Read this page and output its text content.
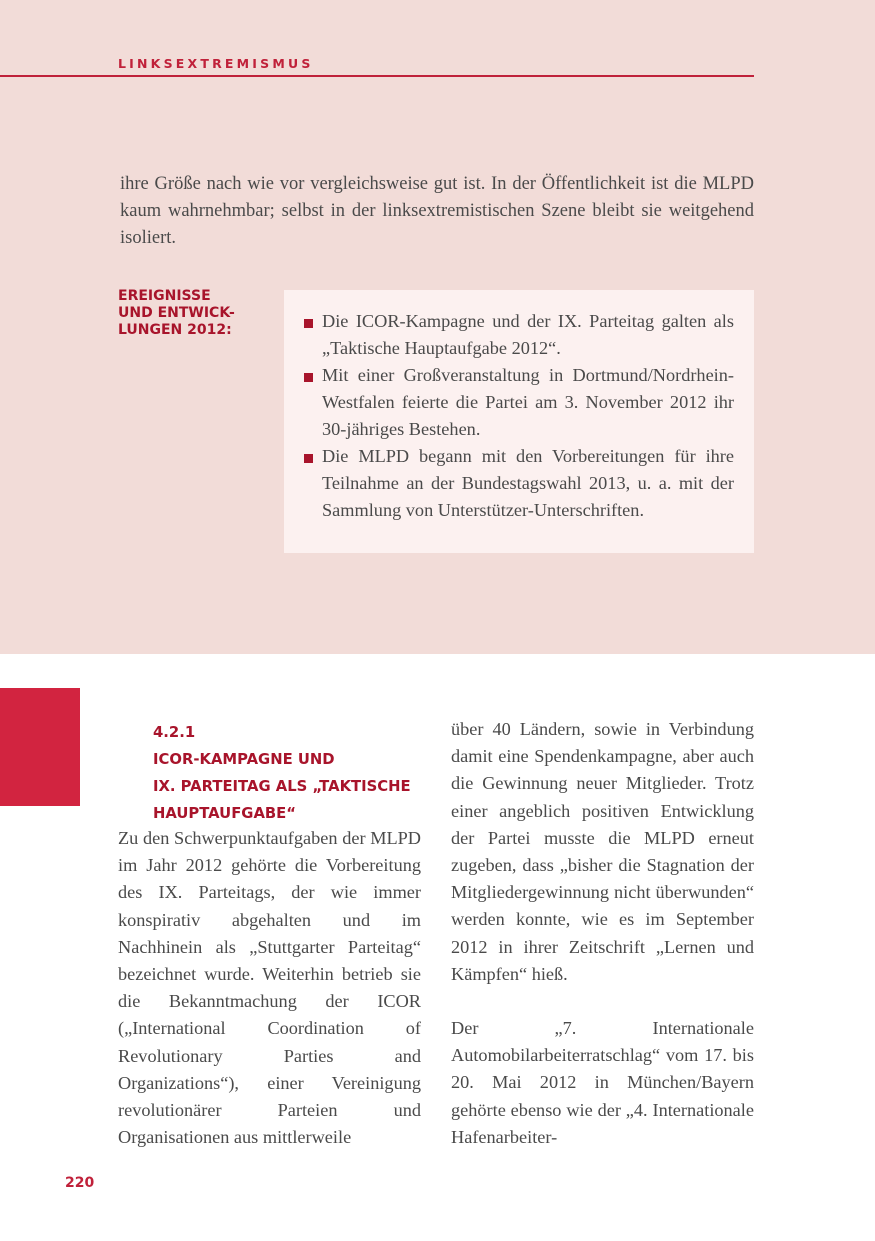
LINKSEXTREMISMUS

ihre Größe nach wie vor vergleichsweise gut ist. In der Öffentlichkeit ist die MLPD kaum wahrnehmbar; selbst in der linksextremistischen Szene bleibt sie weitgehend isoliert.

EREIGNISSE
UND ENTWICK-
LUNGEN 2012:	Die ICOR-Kampagne und der IX. Parteitag galten als „Taktische Hauptaufgabe 2012“.
Mit einer Großveranstaltung in Dortmund/Nordrhein-Westfalen feierte die Partei am 3. November 2012 ihr 30-jähriges Bestehen.
Die MLPD begann mit den Vorbereitungen für ihre Teilnahme an der Bundestagswahl 2013, u. a. mit der Sammlung von Unterstützer-Unterschriften.
4.2.1
ICOR-KAMPAGNE UND
IX. PARTEITAG ALS „TAKTISCHE
HAUPTAUFGABE“

Zu den Schwerpunktaufgaben der MLPD im Jahr 2012 gehörte die Vorbereitung des IX. Parteitags, der wie immer konspirativ abgehalten und im Nachhinein als „Stuttgarter Parteitag“ bezeichnet wurde. Weiterhin betrieb sie die Bekanntmachung der ICOR („International Coordination of Revolutionary Parties and Organizations“), einer Vereinigung revolutionärer Parteien und Organisationen aus mittlerweile

über 40 Ländern, sowie in Verbindung damit eine Spendenkampagne, aber auch die Gewinnung neuer Mitglieder. Trotz einer angeblich positiven Entwicklung der Partei musste die MLPD erneut zugeben, dass „bisher die Stagnation der Mitgliedergewinnung nicht überwunden“ werden konnte, wie es im September 2012 in ihrer Zeitschrift „Lernen und Kämpfen“ hieß.

Der „7. Internationale Automobilarbeiterratschlag“ vom 17. bis 20. Mai 2012 in München/Bayern gehörte ebenso wie der „4. Internationale Hafenarbeiter-

220
